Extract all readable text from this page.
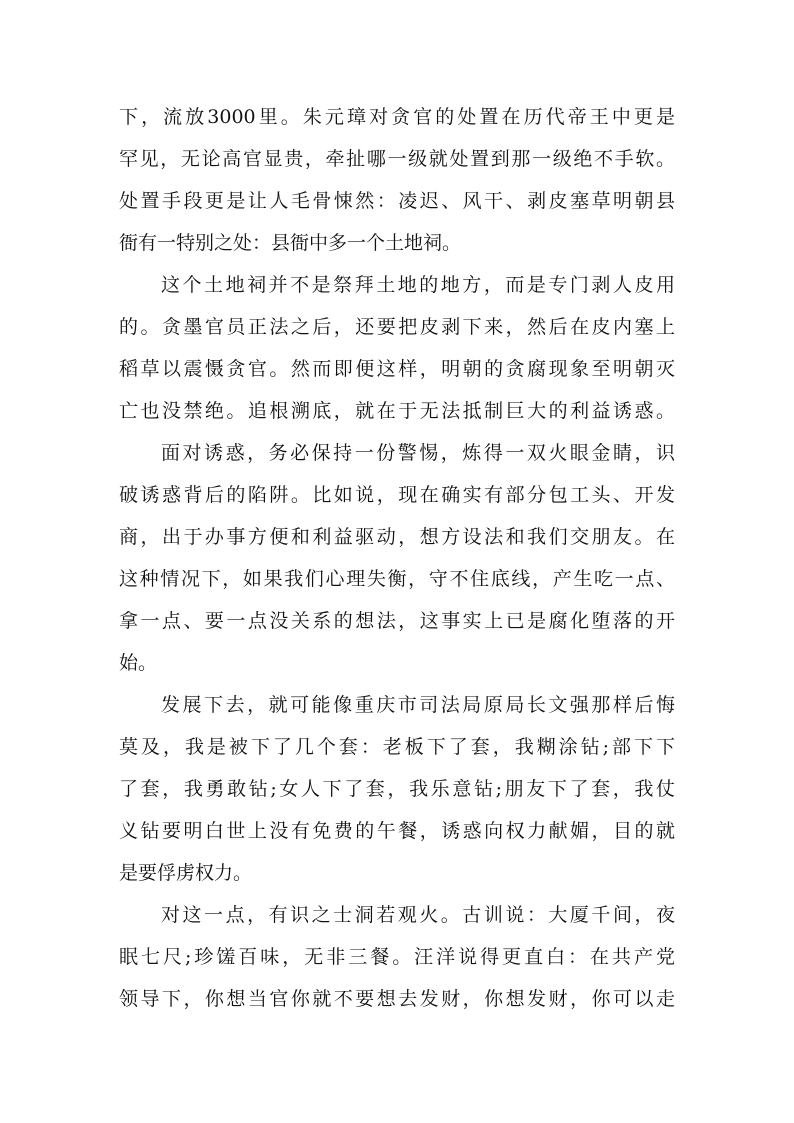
下，流放3000里。朱元璋对贪官的处置在历代帝王中更是
罕见，无论高官显贵，牵扯哪一级就处置到那一级绝不手软。
处置手段更是让人毛骨悚然：凌迟、风干、剥皮塞草明朝县
衙有一特别之处：县衙中多一个土地祠。
这个土地祠并不是祭拜土地的地方，而是专门剥人皮用
的。贪墨官员正法之后，还要把皮剥下来，然后在皮内塞上
稻草以震慑贪官。然而即便这样，明朝的贪腐现象至明朝灭
亡也没禁绝。追根溯底，就在于无法抵制巨大的利益诱惑。
面对诱惑，务必保持一份警惕，炼得一双火眼金睛，识
破诱惑背后的陷阱。比如说，现在确实有部分包工头、开发
商，出于办事方便和利益驱动，想方设法和我们交朋友。在
这种情况下，如果我们心理失衡，守不住底线，产生吃一点、
拿一点、要一点没关系的想法，这事实上已是腐化堕落的开
始。
发展下去，就可能像重庆市司法局原局长文强那样后悔
莫及，我是被下了几个套：老板下了套，我糊涂钻;部下下
了套，我勇敢钻;女人下了套，我乐意钻;朋友下了套，我仗
义钻要明白世上没有免费的午餐，诱惑向权力献媚，目的就
是要俘虏权力。
对这一点，有识之士洞若观火。古训说：大厦千间，夜
眠七尺;珍馐百味，无非三餐。汪洋说得更直白：在共产党
领导下，你想当官你就不要想去发财，你想发财，你可以走
